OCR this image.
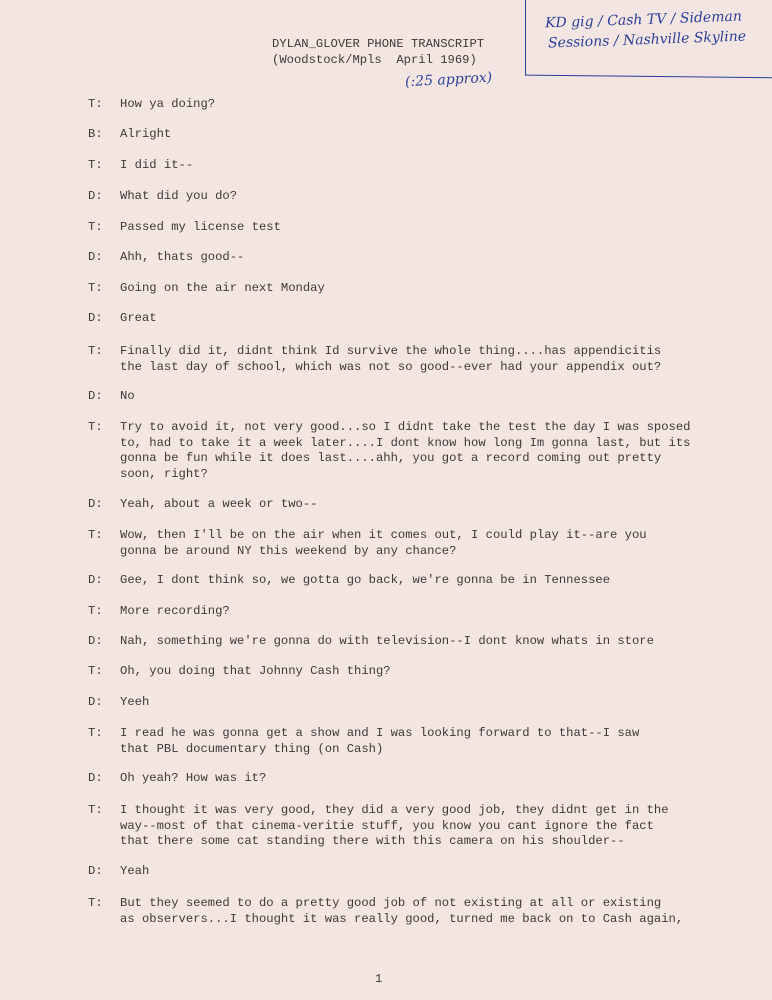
DYLAN_GLOVER PHONE TRANSCRIPT
(Woodstock/Mpls  April 1969)
(:25 approx)
KD gig / Cash TV / Sideman
Sessions / Nashville Skyline
T:	How ya doing?
B:	Alright
T:	I did it--
D:	What did you do?
T:	Passed my license test
D:	Ahh, thats good--
T:	Going on the air next Monday
D:	Great
T:	Finally did it, didnt think Id survive the whole thing....has appendicitis
the last day of school, which was not so good--ever had your appendix out?
D:	No
T:	Try to avoid it, not very good...so I didnt take the test the day I was sposed
to, had to take it a week later....I dont know how long Im gonna last, but its
gonna be fun while it does last....ahh, you got a record coming out pretty
soon, right?
D:	Yeah, about a week or two--
T:	Wow, then I'll be on the air when it comes out, I could play it--are you
gonna be around NY this weekend by any chance?
D:	Gee, I dont think so, we gotta go back, we're gonna be in Tennessee
T:	More recording?
D:	Nah, something we're gonna do with television--I dont know whats in store
T:	Oh, you doing that Johnny Cash thing?
D:	Yeeh
T:	I read he was gonna get a show and I was looking forward to that--I saw
that PBL documentary thing (on Cash)
D:	Oh yeah? How was it?
T:	I thought it was very good, they did a very good job, they didnt get in the
way--most of that cinema-veritie stuff, you know you cant ignore the fact
that there some cat standing there with this camera on his shoulder--
D:	Yeah
T:	But they seemed to do a pretty good job of not existing at all or existing
as observers...I thought it was really good, turned me back on to Cash again,
1
